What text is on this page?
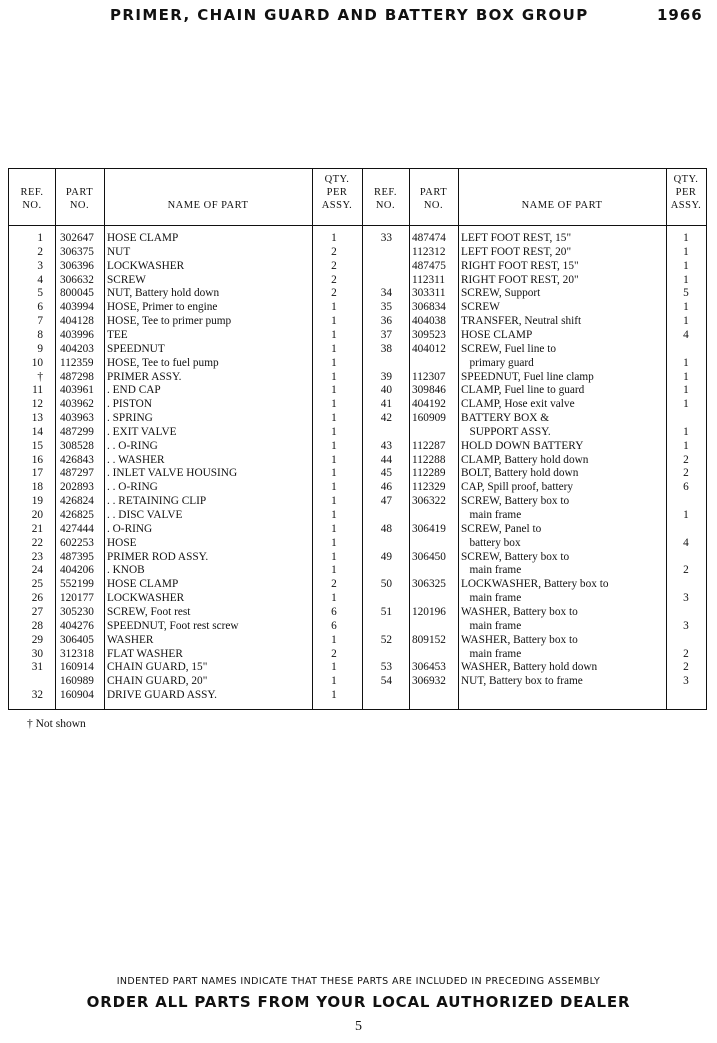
PRIMER, CHAIN GUARD AND BATTERY BOX GROUP	1966
REF.
NO.
PART
NO.	NAME OF PART
QTY.
PER
ASSY.
REF.
NO.
PART
NO.	NAME OF PART
QTY.
PER
ASSY.
1 302647 HOSE CLAMP	1
2 306375 NUT	2
3 306396 LOCKWASHER	2
4 306632 SCREW	2
5 800045 NUT, Battery hold down	2
6 403994 HOSE, Primer to engine	1
7 404128 HOSE, Tee to primer pump	1
8 403996 TEE	1
9 404203 SPEEDNUT	1
10 112359 HOSE, Tee to fuel pump	1
† 487298 PRIMER ASSY.	1
11 403961 . END CAP	1
12 403962 . PISTON	1
13 403963 . SPRING	1
14 487299 . EXIT VALVE	1
15 308528 . . O-RING	1
16 426843 . . WASHER	1
17 487297 . INLET VALVE HOUSING	1
18 202893 . . O-RING	1
19 426824 . . RETAINING CLIP	1
20 426825 . . DISC VALVE	1
21 427444 . O-RING	1
22 602253 HOSE	1
23 487395 PRIMER ROD ASSY.	1
24 404206 . KNOB	1
25 552199 HOSE CLAMP	2
26 120177 LOCKWASHER	1
27 305230 SCREW, Foot rest	6
28 404276 SPEEDNUT, Foot rest screw	6
29 306405 WASHER	1
30 312318 FLAT WASHER	2
31 160914 CHAIN GUARD, 15"	1
160989 CHAIN GUARD, 20"	1
32 160904 DRIVE GUARD ASSY.	1
33 487474 LEFT FOOT REST, 15"	1
112312 LEFT FOOT REST, 20"	1
487475 RIGHT FOOT REST, 15"	1
112311 RIGHT FOOT REST, 20"	1
34 303311 SCREW, Support	5
35 306834 SCREW	1
36 404038 TRANSFER, Neutral shift	1
37 309523 HOSE CLAMP	4
38 404012 SCREW, Fuel line to
primary guard	1
39 112307 SPEEDNUT, Fuel line clamp	1
40 309846 CLAMP, Fuel line to guard	1
41 404192 CLAMP, Hose exit valve	1
42 160909 BATTERY BOX &
SUPPORT ASSY.	1
43 112287 HOLD DOWN BATTERY	1
44 112288 CLAMP, Battery hold down	2
45 112289 BOLT, Battery hold down	2
46 112329 CAP, Spill proof, battery	6
47 306322 SCREW, Battery box to
main frame	1
48 306419 SCREW, Panel to
battery box	4
49 306450 SCREW, Battery box to
main frame	2
50 306325 LOCKWASHER, Battery box to
main frame	3
51 120196 WASHER, Battery box to
main frame	3
52 809152 WASHER, Battery box to
main frame	2
53 306453 WASHER, Battery hold down	2
54 306932 NUT, Battery box to frame	3
† Not shown
INDENTED PART NAMES INDICATE THAT THESE PARTS ARE INCLUDED IN PRECEDING ASSEMBLY
ORDER ALL PARTS FROM YOUR LOCAL AUTHORIZED DEALER
5
